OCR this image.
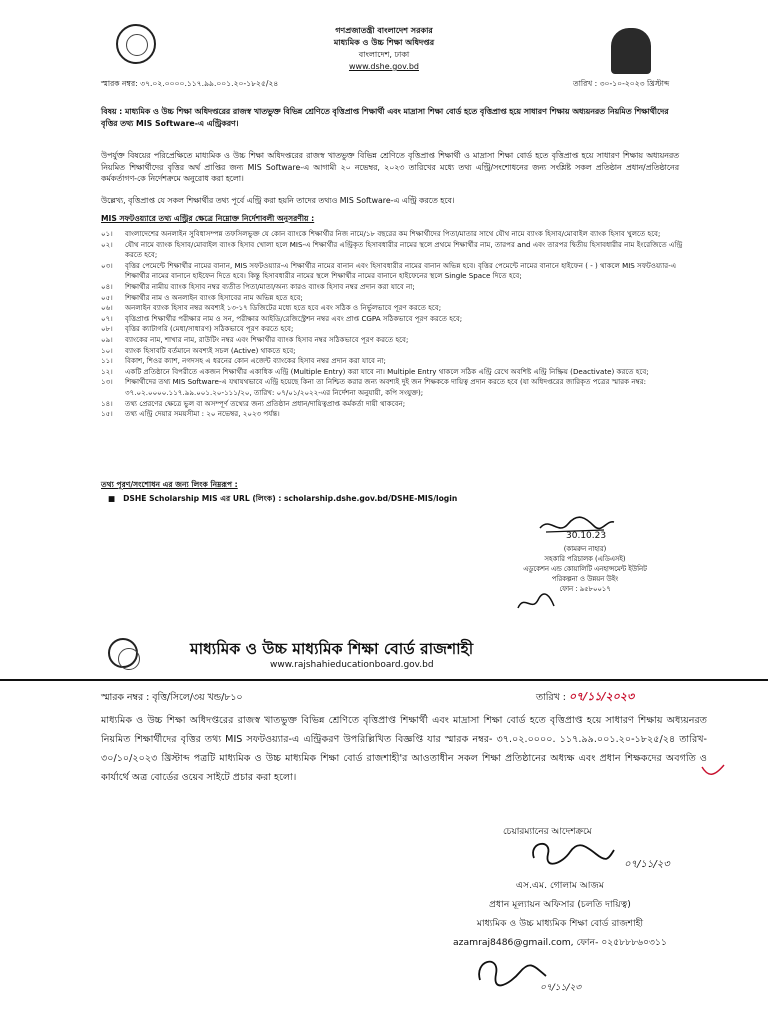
গণপ্রজাতন্ত্রী বাংলাদেশ সরকার
মাধ্যমিক ও উচ্চ শিক্ষা অধিদপ্তর
বাংলাদেশ, ঢাকা
www.dshe.gov.bd
স্মারক নম্বর: ৩৭.০২.০০০০.১১৭.৯৯.০০১.২০-১৮২৫/২৪	তারিখ : ৩০-১০-২০২৩ খ্রিস্টাব্দ
বিষয় : মাধ্যমিক ও উচ্চ শিক্ষা অধিদপ্তরের রাজস্ব খাতভুক্ত বিভিন্ন শ্রেণিতে বৃত্তিপ্রাপ্ত শিক্ষার্থী এবং মাদ্রাসা শিক্ষা বোর্ড হতে বৃত্তিপ্রাপ্ত হয়ে সাধারণ শিক্ষায় অধ্যয়নরত নিয়মিত শিক্ষার্থীদের বৃত্তির তথ্য MIS Software-এ এন্ট্রিকরণ।
উপর্যুক্ত বিষয়ের পরিপ্রেক্ষিতে মাধ্যমিক ও উচ্চ শিক্ষা অধিদপ্তরের রাজস্ব খাতভুক্ত বিভিন্ন শ্রেণিতে বৃত্তিপ্রাপ্ত শিক্ষার্থী ও মাদ্রাসা শিক্ষা বোর্ড হতে বৃত্তিপ্রাপ্ত হয়ে সাধারণ শিক্ষায় অধ্যয়নরত নিয়মিত শিক্ষার্থীদের বৃত্তির অর্থ প্রাপ্তির জন্য MIS Software-এ আগামী ২০ নভেম্বর, ২০২৩ তারিখের মধ্যে তথ্য এন্ট্রি/সংশোধনের জন্য সংশ্লিষ্ট সকল প্রতিষ্ঠান প্রধান/প্রতিষ্ঠানের কর্মকর্তাগণ-কে নির্দেশক্রমে অনুরোধ করা হলো।
উল্লেখ্য, বৃত্তিপ্রাপ্ত যে সকল শিক্ষার্থীর তথ্য পূর্বে এন্ট্রি করা হয়নি তাদের তথ্যও MIS Software-এ এন্ট্রি করতে হবে।
MIS সফটওয়্যারে তথ্য এন্ট্রির ক্ষেত্রে নিম্নোক্ত নির্দেশাবলী অনুসরণীয় :
০১।	বাংলাদেশের অনলাইন সুবিধাসম্পন্ন তফসিলভুক্ত যে কোন ব্যাংকে শিক্ষার্থীর নিজ নামে/১৮ বছরের কম শিক্ষার্থীদের পিতা/মাতার সাথে যৌথ নামে ব্যাংক হিসাব/মোবাইল ব্যাংক হিসাব খুলতে হবে;
০২।	যৌথ নামে ব্যাংক হিসাব/মোবাইল ব্যাংক হিসাব খোলা হলে MIS-এ শিক্ষার্থীর এন্ট্রিকৃত হিসাবধারীর নামের স্থলে প্রথমে শিক্ষার্থীর নাম, তারপর and এবং তারপর দ্বিতীয় হিসাবধারীর নাম ইংরেজিতে এন্ট্রি করতে হবে;
০৩।	বৃত্তির পেমেন্টে শিক্ষার্থীর নামের বানান, MIS সফটওয়্যার-এ শিক্ষার্থীর নামের বানান এবং হিসাবধারীর নামের বানান অভিন্ন হবে। বৃত্তির পেমেন্টে নামের বানানে হাইফেন ( - ) থাকলে MIS সফটওয়্যার-এ শিক্ষার্থীর নামের বানানে হাইফেন দিতে হবে। কিন্তু হিসাবধারীর নামের স্থলে শিক্ষার্থীর নামের বানানে হাইফেনের স্থলে Single Space দিতে হবে;
০৪।	শিক্ষার্থীর নামীয় ব্যাংক হিসাব নম্বর ব্যতীত পিতা/মাতা/অন্য কারও ব্যাংক হিসাব নম্বর প্রদান করা যাবে না;
০৫।	শিক্ষার্থীর নাম ও অনলাইন ব্যাংক হিসাবের নাম অভিন্ন হতে হবে;
০৬।	অনলাইন ব্যাংক হিসাব নম্বর অবশ্যই ১৩-১৭ ডিজিটের মধ্যে হতে হবে এবং সঠিক ও নির্ভুলভাবে পূরণ করতে হবে;
০৭।	বৃত্তিপ্রাপ্ত শিক্ষার্থীর পরীক্ষার নাম ও সন, পরীক্ষার আইডি/রেজিস্ট্রেশন নম্বর এবং প্রাপ্ত CGPA সঠিকভাবে পূরণ করতে হবে;
০৮।	বৃত্তির ক্যাটাগরি (মেধা/সাধারণ) সঠিকভাবে পূরণ করতে হবে;
০৯।	ব্যাংকের নাম, শাখার নাম, রাউটিং নম্বর এবং শিক্ষার্থীর ব্যাংক হিসাব নম্বর সঠিকভাবে পূরণ করতে হবে;
১০।	ব্যাংক হিসাবটি বর্তমানে অবশ্যই সচল (Active) থাকতে হবে;
১১।	বিকাশ, শিওর ক্যাশ, নগদসহ এ ধরনের কোন এজেন্ট ব্যাংকের হিসাব নম্বর প্রদান করা যাবে না;
১২।	একটি প্রতিষ্ঠানে বিপরীতে একজন শিক্ষার্থীর একাধিক এন্ট্রি (Multiple Entry) করা যাবে না। Multiple Entry থাকলে সঠিক এন্ট্রি রেখে অবশিষ্ট এন্ট্রি নিষ্ক্রিয় (Deactivate) করতে হবে;
১৩।	শিক্ষার্থীদের তথ্য MIS Software-এ যথাযথভাবে এন্ট্রি হয়েছে কিনা তা নিশ্চিত করার জন্য অবশ্যই দুই জন শিক্ষককে দায়িত্ব প্রদান করতে হবে (যা অধিদপ্তরের জারিকৃত পত্রের স্মারক নম্বর: ৩৭.০২.০০০০.১১৭.৯৯.০০১.২০-১১১/২০, তারিখ: ০৭/০১/২০২২-এর নির্দেশনা অনুযায়ী, কপি সংযুক্ত);
১৪।	তথ্য প্রেরণের ক্ষেত্রে ভুল বা অসম্পূর্ণ তথ্যের জন্য প্রতিষ্ঠান প্রধান/দায়িত্বপ্রাপ্ত কর্মকর্তা দায়ী থাকবেন;
১৫।	তথ্য এন্ট্রি দেয়ার সময়সীমা : ২০ নভেম্বর, ২০২৩ পর্যন্ত।
তথ্য পূরণ/সংশোধন এর জন্য লিংক নিম্নরূপ :
■   DSHE Scholarship MIS এর URL (লিংক) : scholarship.dshe.gov.bd/DSHE-MIS/login
30.10.23
(কামরুন নাহার)
সহকারি পরিচালক (এডিএসই)
এডুকেশন এন্ড কোয়ালিটি এনহান্সমেন্ট ইউনিট
পরিকল্পনা ও উন্নয়ন উইং
ফোন : ৯৫৮০০১৭
মাধ্যমিক ও উচ্চ মাধ্যমিক শিক্ষা বোর্ড রাজশাহী
www.rajshahieducationboard.gov.bd
স্মারক নম্বর : বৃত্তি/সিলে/৩য় খন্ড/৮১০	তারিখ : ০৭/১১/২০২৩
মাধ্যমিক ও উচ্চ শিক্ষা অধিদপ্তরের রাজস্ব খাতভুক্ত বিভিন্ন শ্রেণিতে বৃত্তিপ্রাপ্ত শিক্ষার্থী এবং মাদ্রাসা শিক্ষা বোর্ড হতে বৃত্তিপ্রাপ্ত হয়ে সাধারণ শিক্ষায় অধ্যয়নরত নিয়মিত শিক্ষার্থীদের বৃত্তির তথ্য MIS সফটওয়্যার-এ এন্ট্রিকরণ উপরিল্লিখিত বিজ্ঞপ্তি যার স্মারক নম্বর- ৩৭.০২.০০০০. ১১৭.৯৯.০০১.২০-১৮২৫/২৪ তারিখ- ৩০/১০/২০২৩ খ্রিস্টাব্দ পত্রটি মাধ্যমিক ও উচ্চ মাধ্যমিক শিক্ষা বোর্ড রাজশাহী'র আওতাধীন সকল শিক্ষা প্রতিষ্ঠানের অধ্যক্ষ এবং প্রধান শিক্ষকদের অবগতি ও কার্যার্থে অত্র বোর্ডের ওয়েব সাইটে প্রচার করা হলো।
চেয়ারম্যানের আদেশক্রমে
০৭/১১/২৩
এস.এম. গোলাম আজম
প্রধান মূল্যায়ন অফিসার (চলতি দায়িত্ব)
মাধ্যমিক ও উচ্চ মাধ্যমিক শিক্ষা বোর্ড রাজশাহী
azamraj8486@gmail.com, ফোন- ০২৫৮৮৮৬০৩১১
০৭/১১/২৩
